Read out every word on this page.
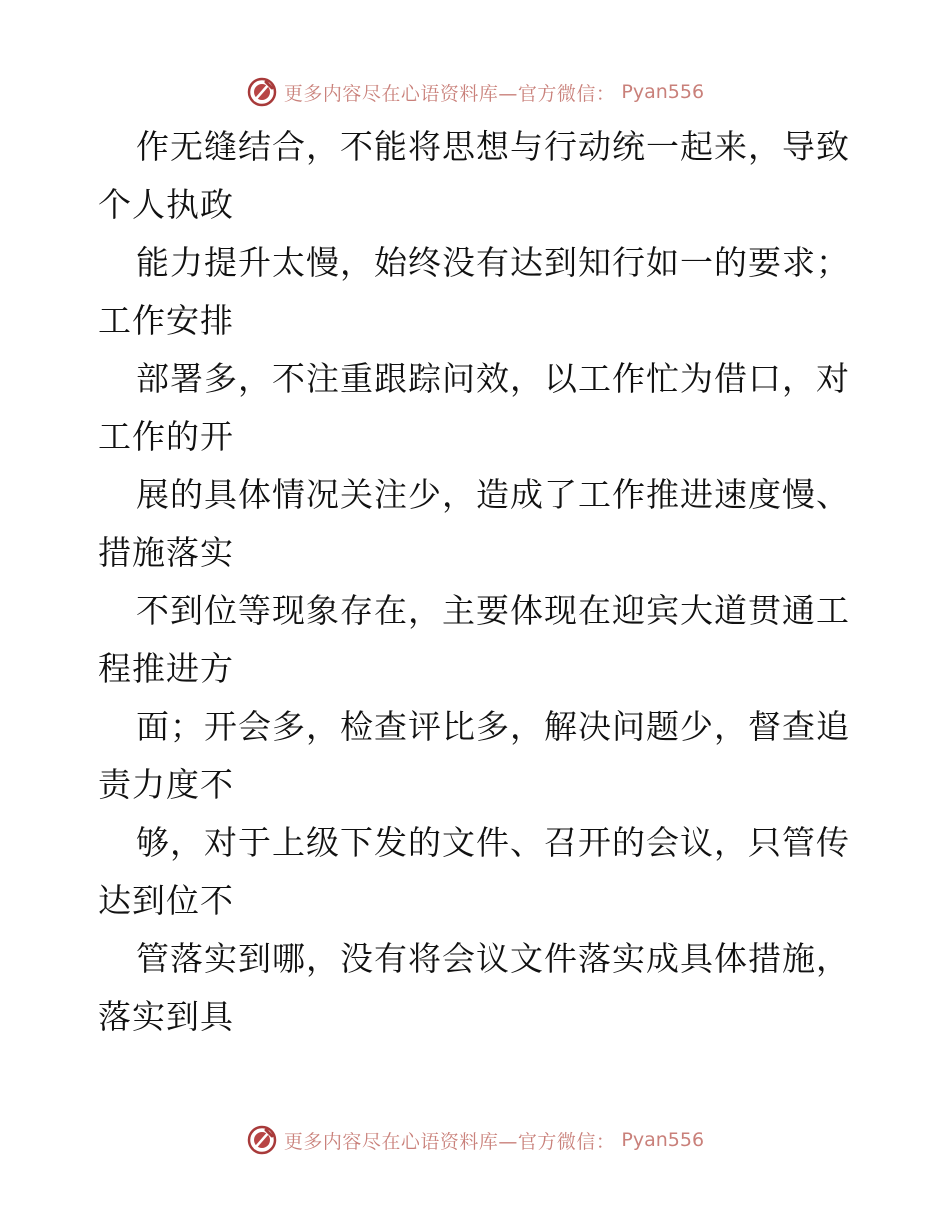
更多内容尽在心语资料库—官方微信： Pyan556
作无缝结合，不能将思想与行动统一起来，导致
个人执政
能力提升太慢，始终没有达到知行如一的要求；
工作安排
部署多，不注重跟踪问效，以工作忙为借口，对
工作的开
展的具体情况关注少，造成了工作推进速度慢、
措施落实
不到位等现象存在，主要体现在迎宾大道贯通工
程推进方
面；开会多，检查评比多，解决问题少，督查追
责力度不
够，对于上级下发的文件、召开的会议，只管传
达到位不
管落实到哪，没有将会议文件落实成具体措施，
落实到具
更多内容尽在心语资料库—官方微信： Pyan556
